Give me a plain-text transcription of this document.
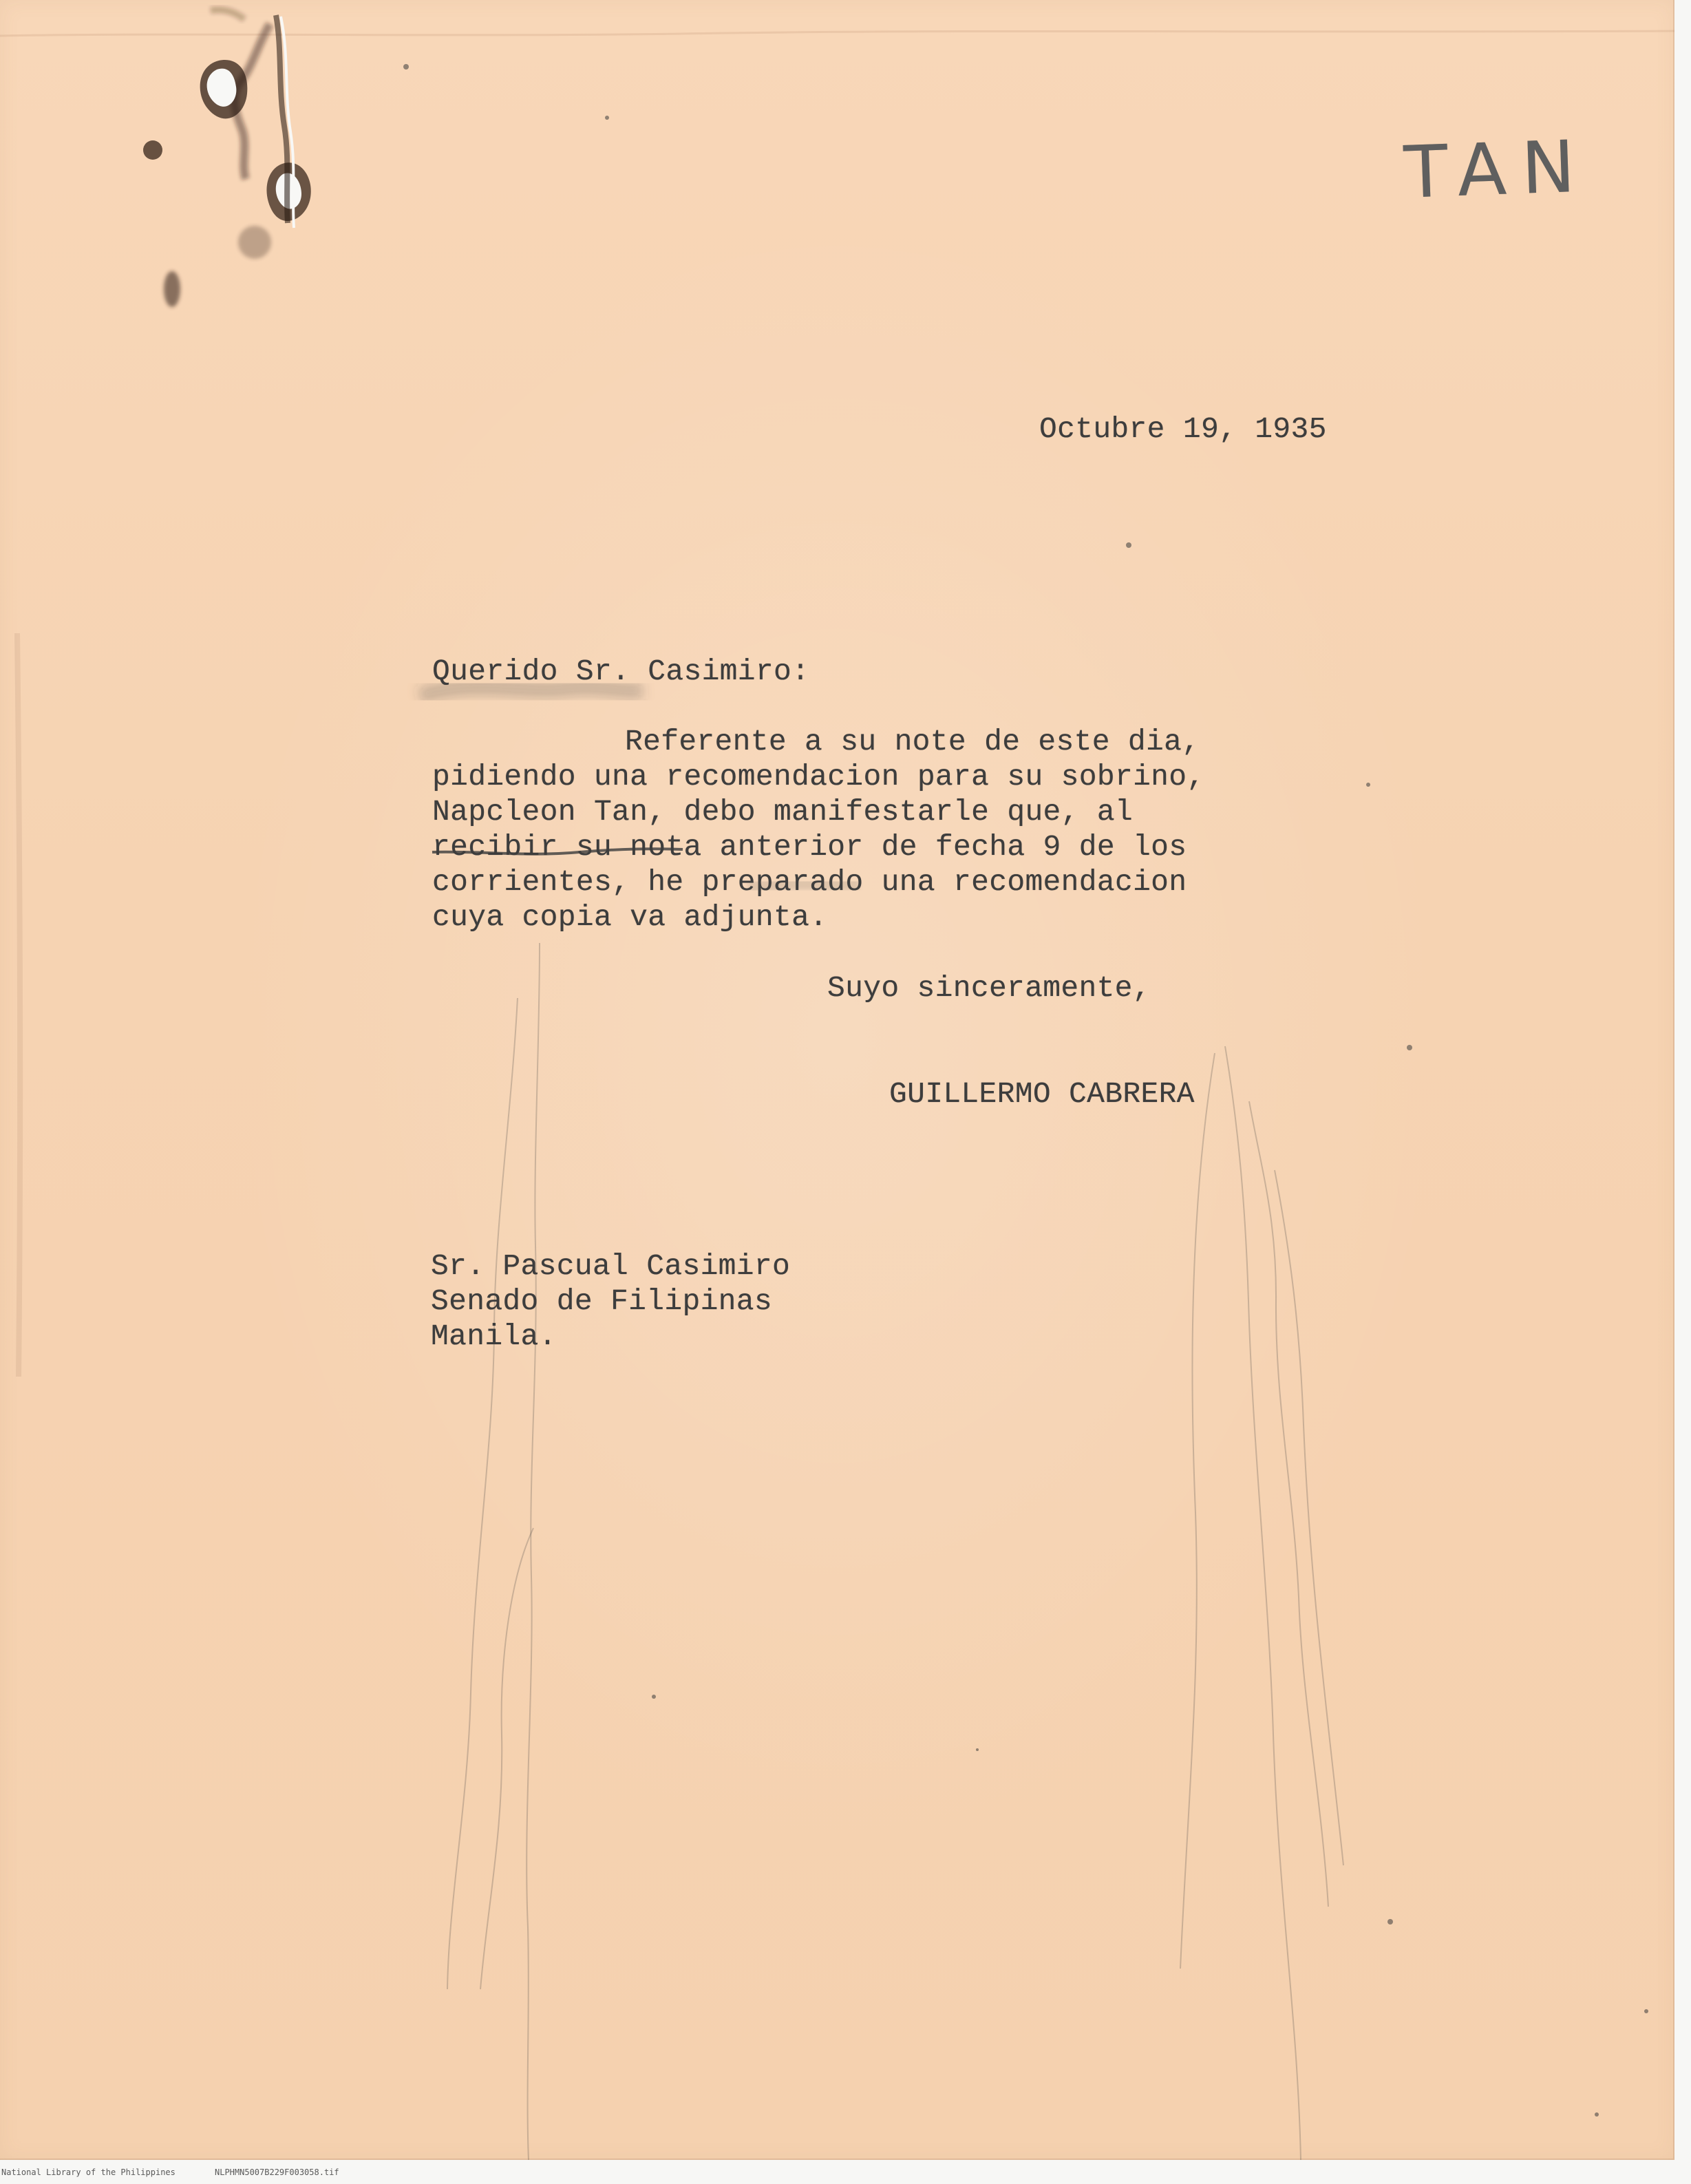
TAN

Octubre 19, 1935

Querido Sr. Casimiro:

Referente a su note de este dia,

pidiendo una recomendacion para su sobrino,

Napcleon Tan, debo manifestarle que, al

recibir su nota anterior de fecha 9 de los

corrientes, he preparado una recomendacion

cuya copia va adjunta.

Suyo sinceramente,

GUILLERMO CABRERA

Sr. Pascual Casimiro

Senado de Filipinas

Manila.

National Library of the Philippines	NLPHMN5007B229F003058.tif
